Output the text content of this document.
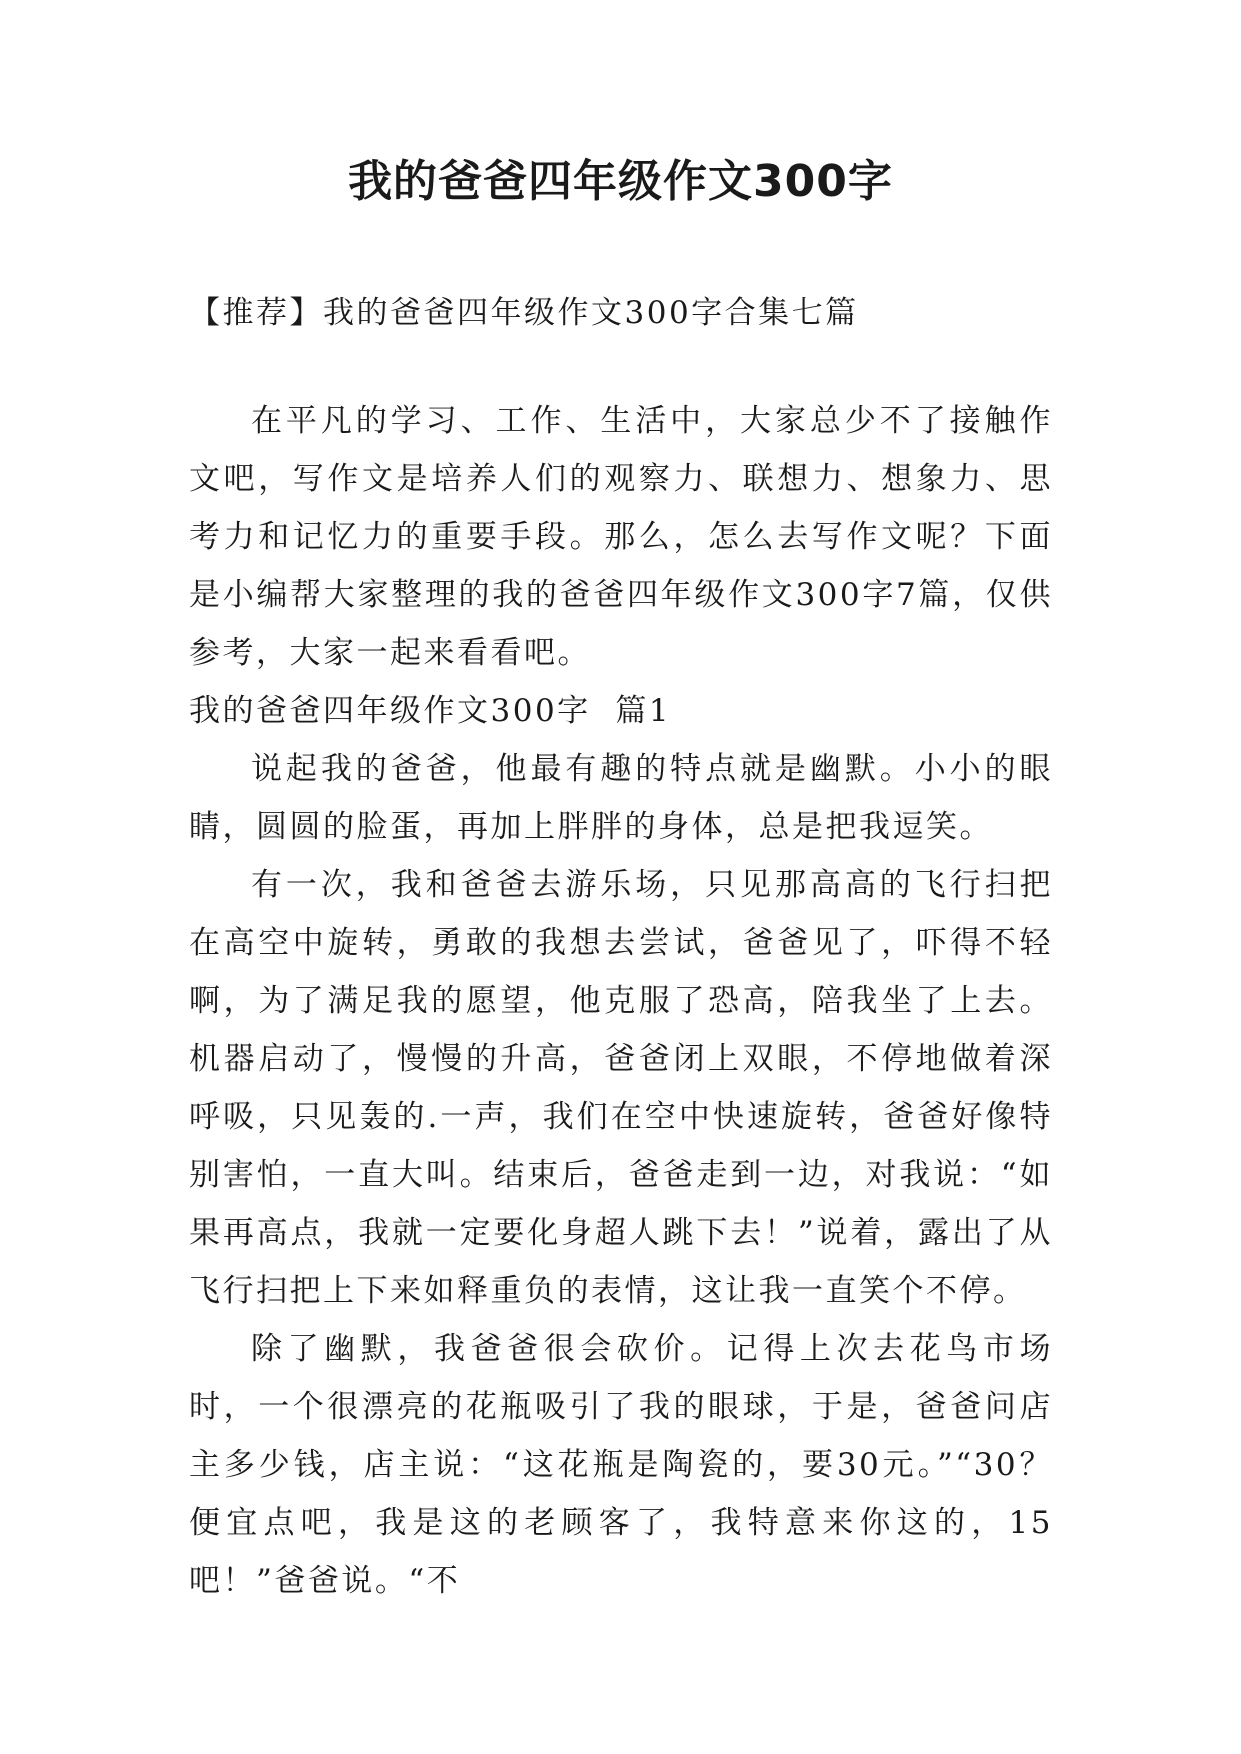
我的爸爸四年级作文300字

【推荐】我的爸爸四年级作文300字合集七篇

在平凡的学习、工作、生活中，大家总少不了接触作文吧，写作文是培养人们的观察力、联想力、想象力、思考力和记忆力的重要手段。那么，怎么去写作文呢？下面是小编帮大家整理的我的爸爸四年级作文300字7篇，仅供参考，大家一起来看看吧。

我的爸爸四年级作文300字  篇1

说起我的爸爸，他最有趣的特点就是幽默。小小的眼睛，圆圆的脸蛋，再加上胖胖的身体，总是把我逗笑。

有一次，我和爸爸去游乐场，只见那高高的飞行扫把在高空中旋转，勇敢的我想去尝试，爸爸见了，吓得不轻啊，为了满足我的愿望，他克服了恐高，陪我坐了上去。机器启动了，慢慢的升高，爸爸闭上双眼，不停地做着深呼吸，只见轰的.一声，我们在空中快速旋转，爸爸好像特别害怕，一直大叫。结束后，爸爸走到一边，对我说：“如果再高点，我就一定要化身超人跳下去！”说着，露出了从飞行扫把上下来如释重负的表情，这让我一直笑个不停。

除了幽默，我爸爸很会砍价。记得上次去花鸟市场时，一个很漂亮的花瓶吸引了我的眼球，于是，爸爸问店主多少钱，店主说：“这花瓶是陶瓷的，要30元。”“30？便宜点吧，我是这的老顾客了，我特意来你这的，15吧！”爸爸说。“不
